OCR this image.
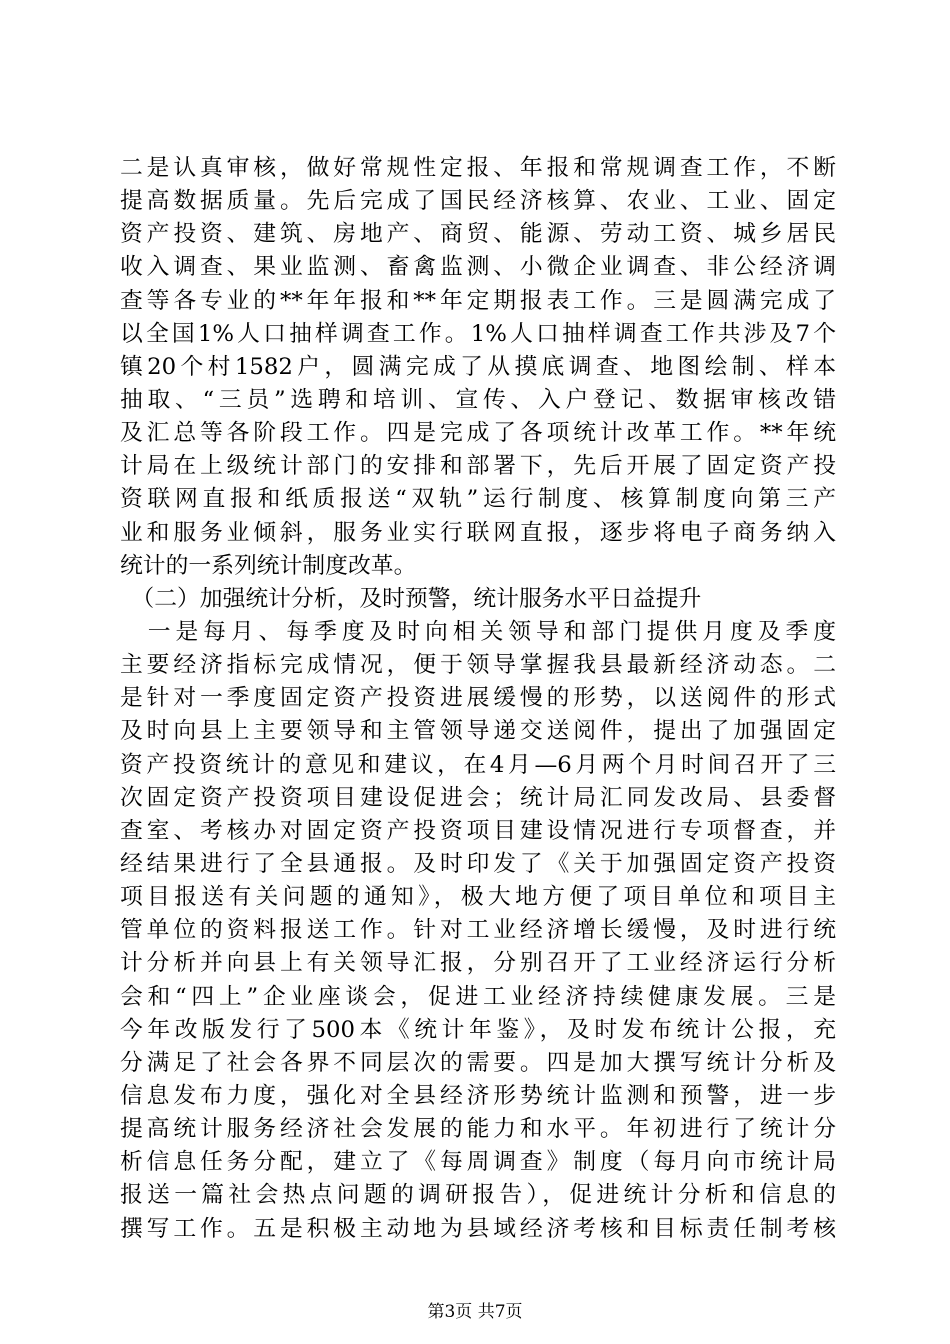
二是认真审核，做好常规性定报、年报和常规调查工作，不断
提高数据质量。先后完成了国民经济核算、农业、工业、固定
资产投资、建筑、房地产、商贸、能源、劳动工资、城乡居民
收入调查、果业监测、畜禽监测、小微企业调查、非公经济调
查等各专业的**年年报和**年定期报表工作。三是圆满完成了
以全国1%人口抽样调查工作。1%人口抽样调查工作共涉及7个
镇20个村1582户，圆满完成了从摸底调查、地图绘制、样本
抽取、“三员”选聘和培训、宣传、入户登记、数据审核改错
及汇总等各阶段工作。四是完成了各项统计改革工作。**年统
计局在上级统计部门的安排和部署下，先后开展了固定资产投
资联网直报和纸质报送“双轨”运行制度、核算制度向第三产
业和服务业倾斜，服务业实行联网直报，逐步将电子商务纳入
统计的一系列统计制度改革。
　（二）加强统计分析，及时预警，统计服务水平日益提升
　一是每月、每季度及时向相关领导和部门提供月度及季度
主要经济指标完成情况，便于领导掌握我县最新经济动态。二
是针对一季度固定资产投资进展缓慢的形势，以送阅件的形式
及时向县上主要领导和主管领导递交送阅件，提出了加强固定
资产投资统计的意见和建议，在4月—6月两个月时间召开了三
次固定资产投资项目建设促进会；统计局汇同发改局、县委督
查室、考核办对固定资产投资项目建设情况进行专项督查，并
经结果进行了全县通报。及时印发了《关于加强固定资产投资
项目报送有关问题的通知》，极大地方便了项目单位和项目主
管单位的资料报送工作。针对工业经济增长缓慢，及时进行统
计分析并向县上有关领导汇报，分别召开了工业经济运行分析
会和“四上”企业座谈会，促进工业经济持续健康发展。三是
今年改版发行了500本《统计年鉴》，及时发布统计公报，充
分满足了社会各界不同层次的需要。四是加大撰写统计分析及
信息发布力度，强化对全县经济形势统计监测和预警，进一步
提高统计服务经济社会发展的能力和水平。年初进行了统计分
析信息任务分配，建立了《每周调查》制度（每月向市统计局
报送一篇社会热点问题的调研报告），促进统计分析和信息的
撰写工作。五是积极主动地为县域经济考核和目标责任制考核
第3页 共7页
